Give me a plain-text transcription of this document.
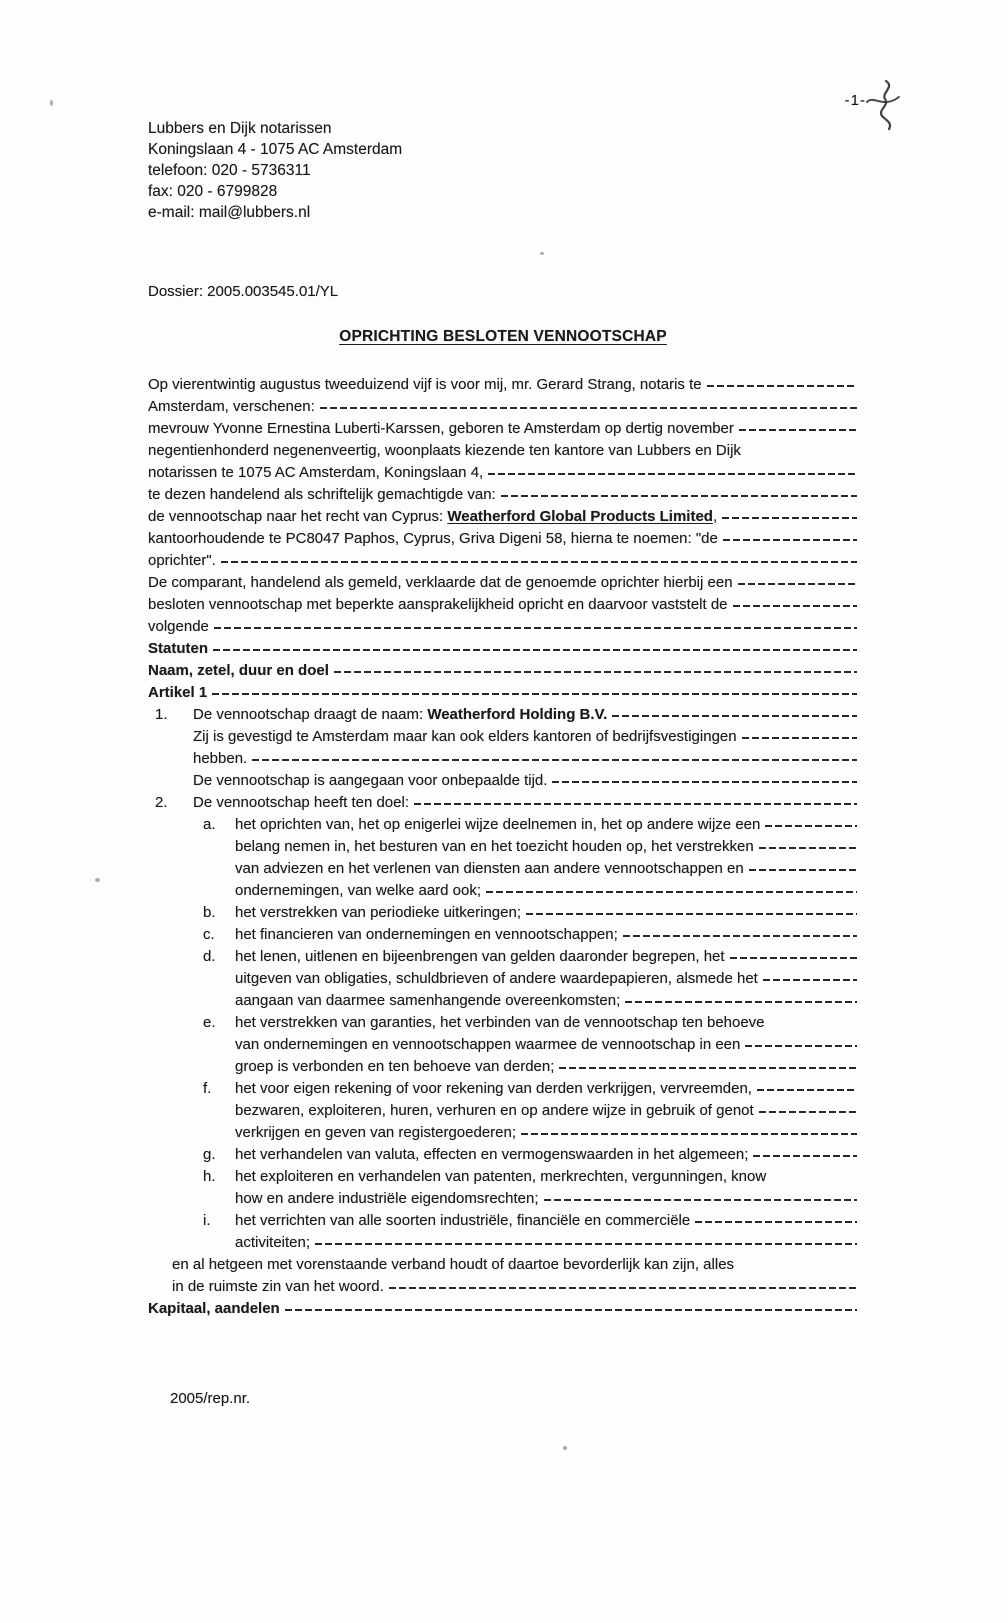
-1-
Lubbers en Dijk notarissen
Koningslaan 4 - 1075 AC Amsterdam
telefoon: 020 - 5736311
fax: 020 - 6799828
e-mail: mail@lubbers.nl
Dossier: 2005.003545.01/YL
OPRICHTING BESLOTEN VENNOOTSCHAP
Op vierentwintig augustus tweeduizend vijf is voor mij, mr. Gerard Strang, notaris te
Amsterdam, verschenen:
mevrouw Yvonne Ernestina Luberti-Karssen, geboren te Amsterdam op dertig november
negentienhonderd negenenveertig, woonplaats kiezende ten kantore van Lubbers en Dijk
notarissen te 1075 AC Amsterdam, Koningslaan 4,
te dezen handelend als schriftelijk gemachtigde van:
de vennootschap naar het recht van Cyprus: Weatherford Global Products Limited,
kantoorhoudende te PC8047 Paphos, Cyprus, Griva Digeni 58, hierna te noemen: "de
oprichter".
De comparant, handelend als gemeld, verklaarde dat de genoemde oprichter hierbij een
besloten vennootschap met beperkte aansprakelijkheid opricht en daarvoor vaststelt de
volgende
Statuten
Naam, zetel, duur en doel
Artikel 1
1.	De vennootschap draagt de naam: Weatherford Holding B.V.
Zij is gevestigd te Amsterdam maar kan ook elders kantoren of bedrijfsvestigingen
hebben.
De vennootschap is aangegaan voor onbepaalde tijd.
2.	De vennootschap heeft ten doel:
a.	het oprichten van, het op enigerlei wijze deelnemen in, het op andere wijze een
belang nemen in, het besturen van en het toezicht houden op, het verstrekken
van adviezen en het verlenen van diensten aan andere vennootschappen en
ondernemingen, van welke aard ook;
b.	het verstrekken van periodieke uitkeringen;
c.	het financieren van ondernemingen en vennootschappen;
d.	het lenen, uitlenen en bijeenbrengen van gelden daaronder begrepen, het
uitgeven van obligaties, schuldbrieven of andere waardepapieren, alsmede het
aangaan van daarmee samenhangende overeenkomsten;
e.	het verstrekken van garanties, het verbinden van de vennootschap ten behoeve
van ondernemingen en vennootschappen waarmee de vennootschap in een
groep is verbonden en ten behoeve van derden;
f.	het voor eigen rekening of voor rekening van derden verkrijgen, vervreemden,
bezwaren, exploiteren, huren, verhuren en op andere wijze in gebruik of genot
verkrijgen en geven van registergoederen;
g.	het verhandelen van valuta, effecten en vermogenswaarden in het algemeen;
h.	het exploiteren en verhandelen van patenten, merkrechten, vergunningen, know
how en andere industriële eigendomsrechten;
i.	het verrichten van alle soorten industriële, financiële en commerciële
activiteiten;
en al hetgeen met vorenstaande verband houdt of daartoe bevorderlijk kan zijn, alles
in de ruimste zin van het woord.
Kapitaal, aandelen
2005/rep.nr.
